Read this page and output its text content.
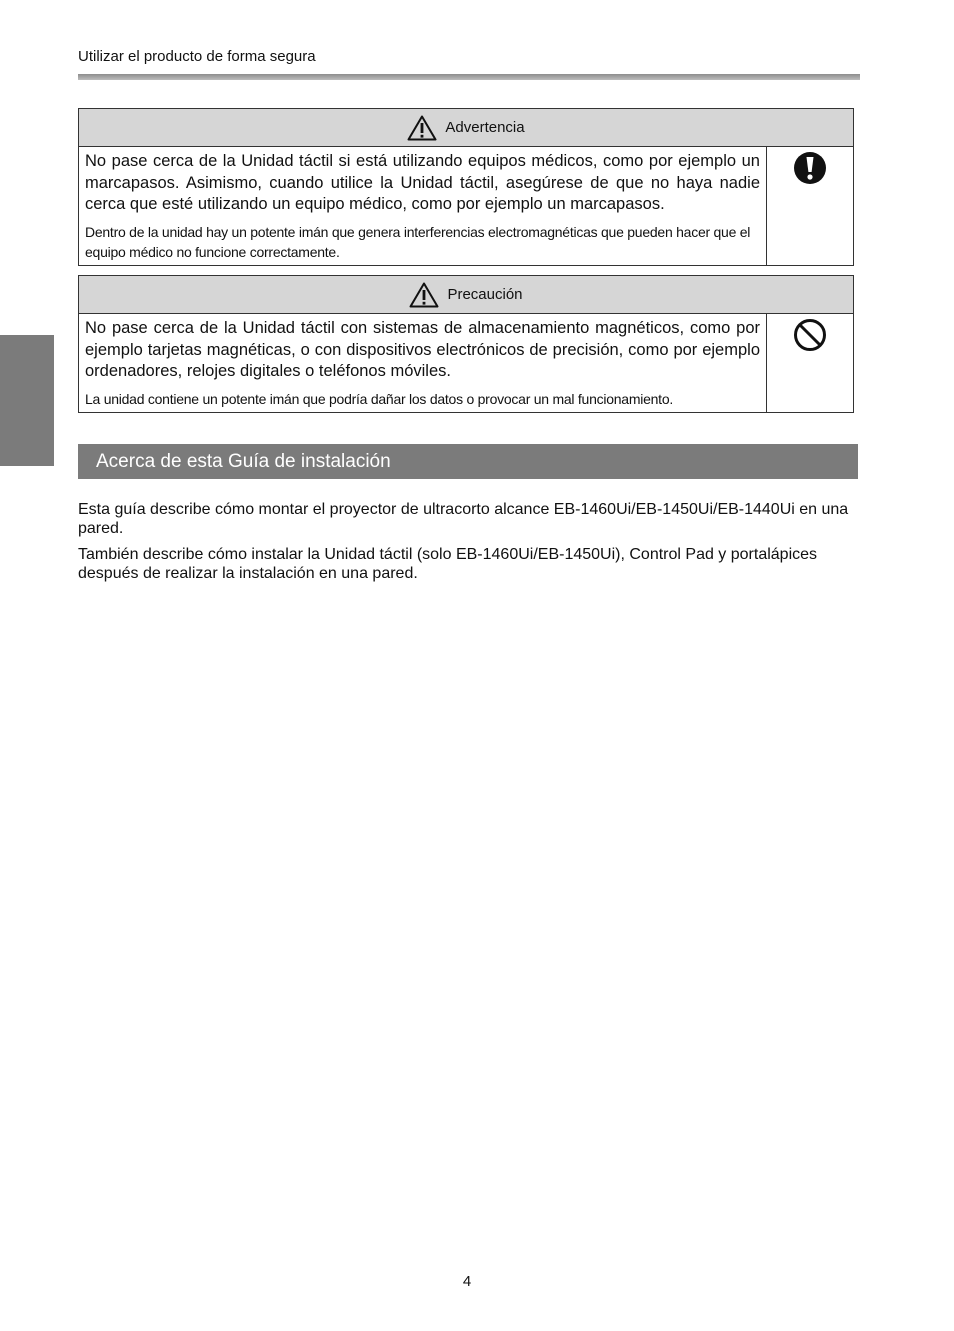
Utilizar el producto de forma segura
Advertencia

No pase cerca de la Unidad táctil si está utilizando equipos médicos, como por ejemplo un marcapasos. Asimismo, cuando utilice la Unidad táctil, asegúrese de que no haya nadie cerca que esté utilizando un equipo médico, como por ejemplo un marcapasos.

Dentro de la unidad hay un potente imán que genera interferencias electromagnéticas que pueden hacer que el equipo médico no funcione correctamente.

Precaución

No pase cerca de la Unidad táctil con sistemas de almacenamiento magnéticos, como por ejemplo tarjetas magnéticas, o con dispositivos electrónicos de precisión, como por ejemplo ordenadores, relojes digitales o teléfonos móviles.

La unidad contiene un potente imán que podría dañar los datos o provocar un mal funcionamiento.

Acerca de esta Guía de instalación

Esta guía describe cómo montar el proyector de ultracorto alcance EB-1460Ui/EB-1450Ui/EB-1440Ui en una pared.

También describe cómo instalar la Unidad táctil (solo EB-1460Ui/EB-1450Ui), Control Pad y portalápices después de realizar la instalación en una pared.

4
